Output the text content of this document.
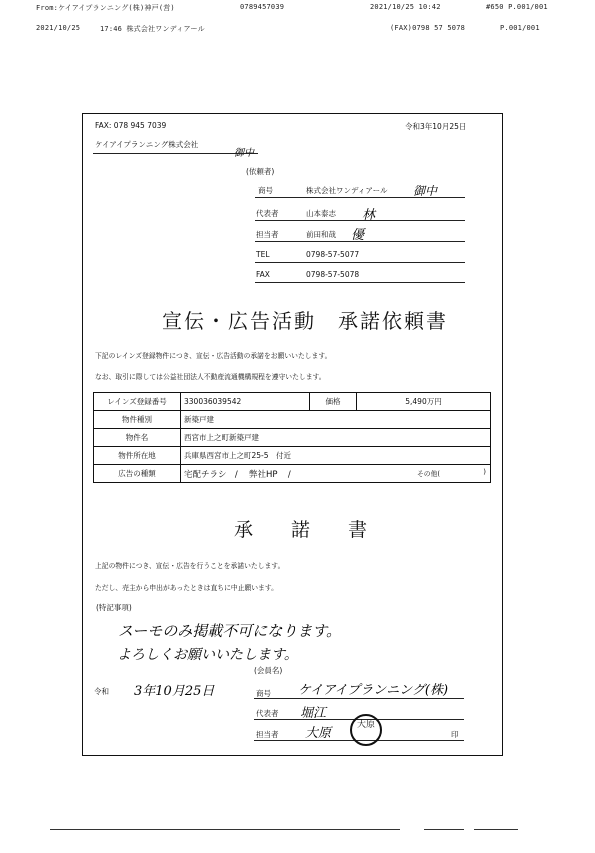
From:ケイアイプランニング(株)神戸(営)	0789457039	2021/10/25 10:42	#650 P.001/001
2021/10/25	17:46 株式会社ワンディアール	(FAX)0798 57 5078	P.001/001
FAX: 078 945 7039	令和3年10月25日
ケイアイプランニング株式会社
御中
(依頼者)
商号	株式会社ワンディアール 御中
代表者	山本泰志 林
担当者	前田和哉 優
TEL	0798-57-5077
FAX	0798-57-5078
宣伝・広告活動　承諾依頼書
下記のレインズ登録物件につき、宣伝・広告活動の承諾をお願いいたします。
なお、取引に際しては公益社団法人不動産流通機構規程を遵守いたします。
レインズ登録番号	330036039542	価格	5,490万円
物件種別	新築戸建		
物件名	西宮市上之町新築戸建		
物件所在地	兵庫県西宮市上之町25-5　付近		
広告の種類	宅配チラシ /　 弊社HP / その他( )		
承　　諾　　書
上記の物件につき、宣伝・広告を行うことを承諾いたします。
ただし、売主から申出があったときは直ちに中止願います。
(特記事項)
スーモのみ掲載不可になります。
よろしくお願いいたします。
令和 3年10月25日
(会員名)
商号 ケイアイプランニング(株)
代表者 堀江
担当者 大原	印
大原
